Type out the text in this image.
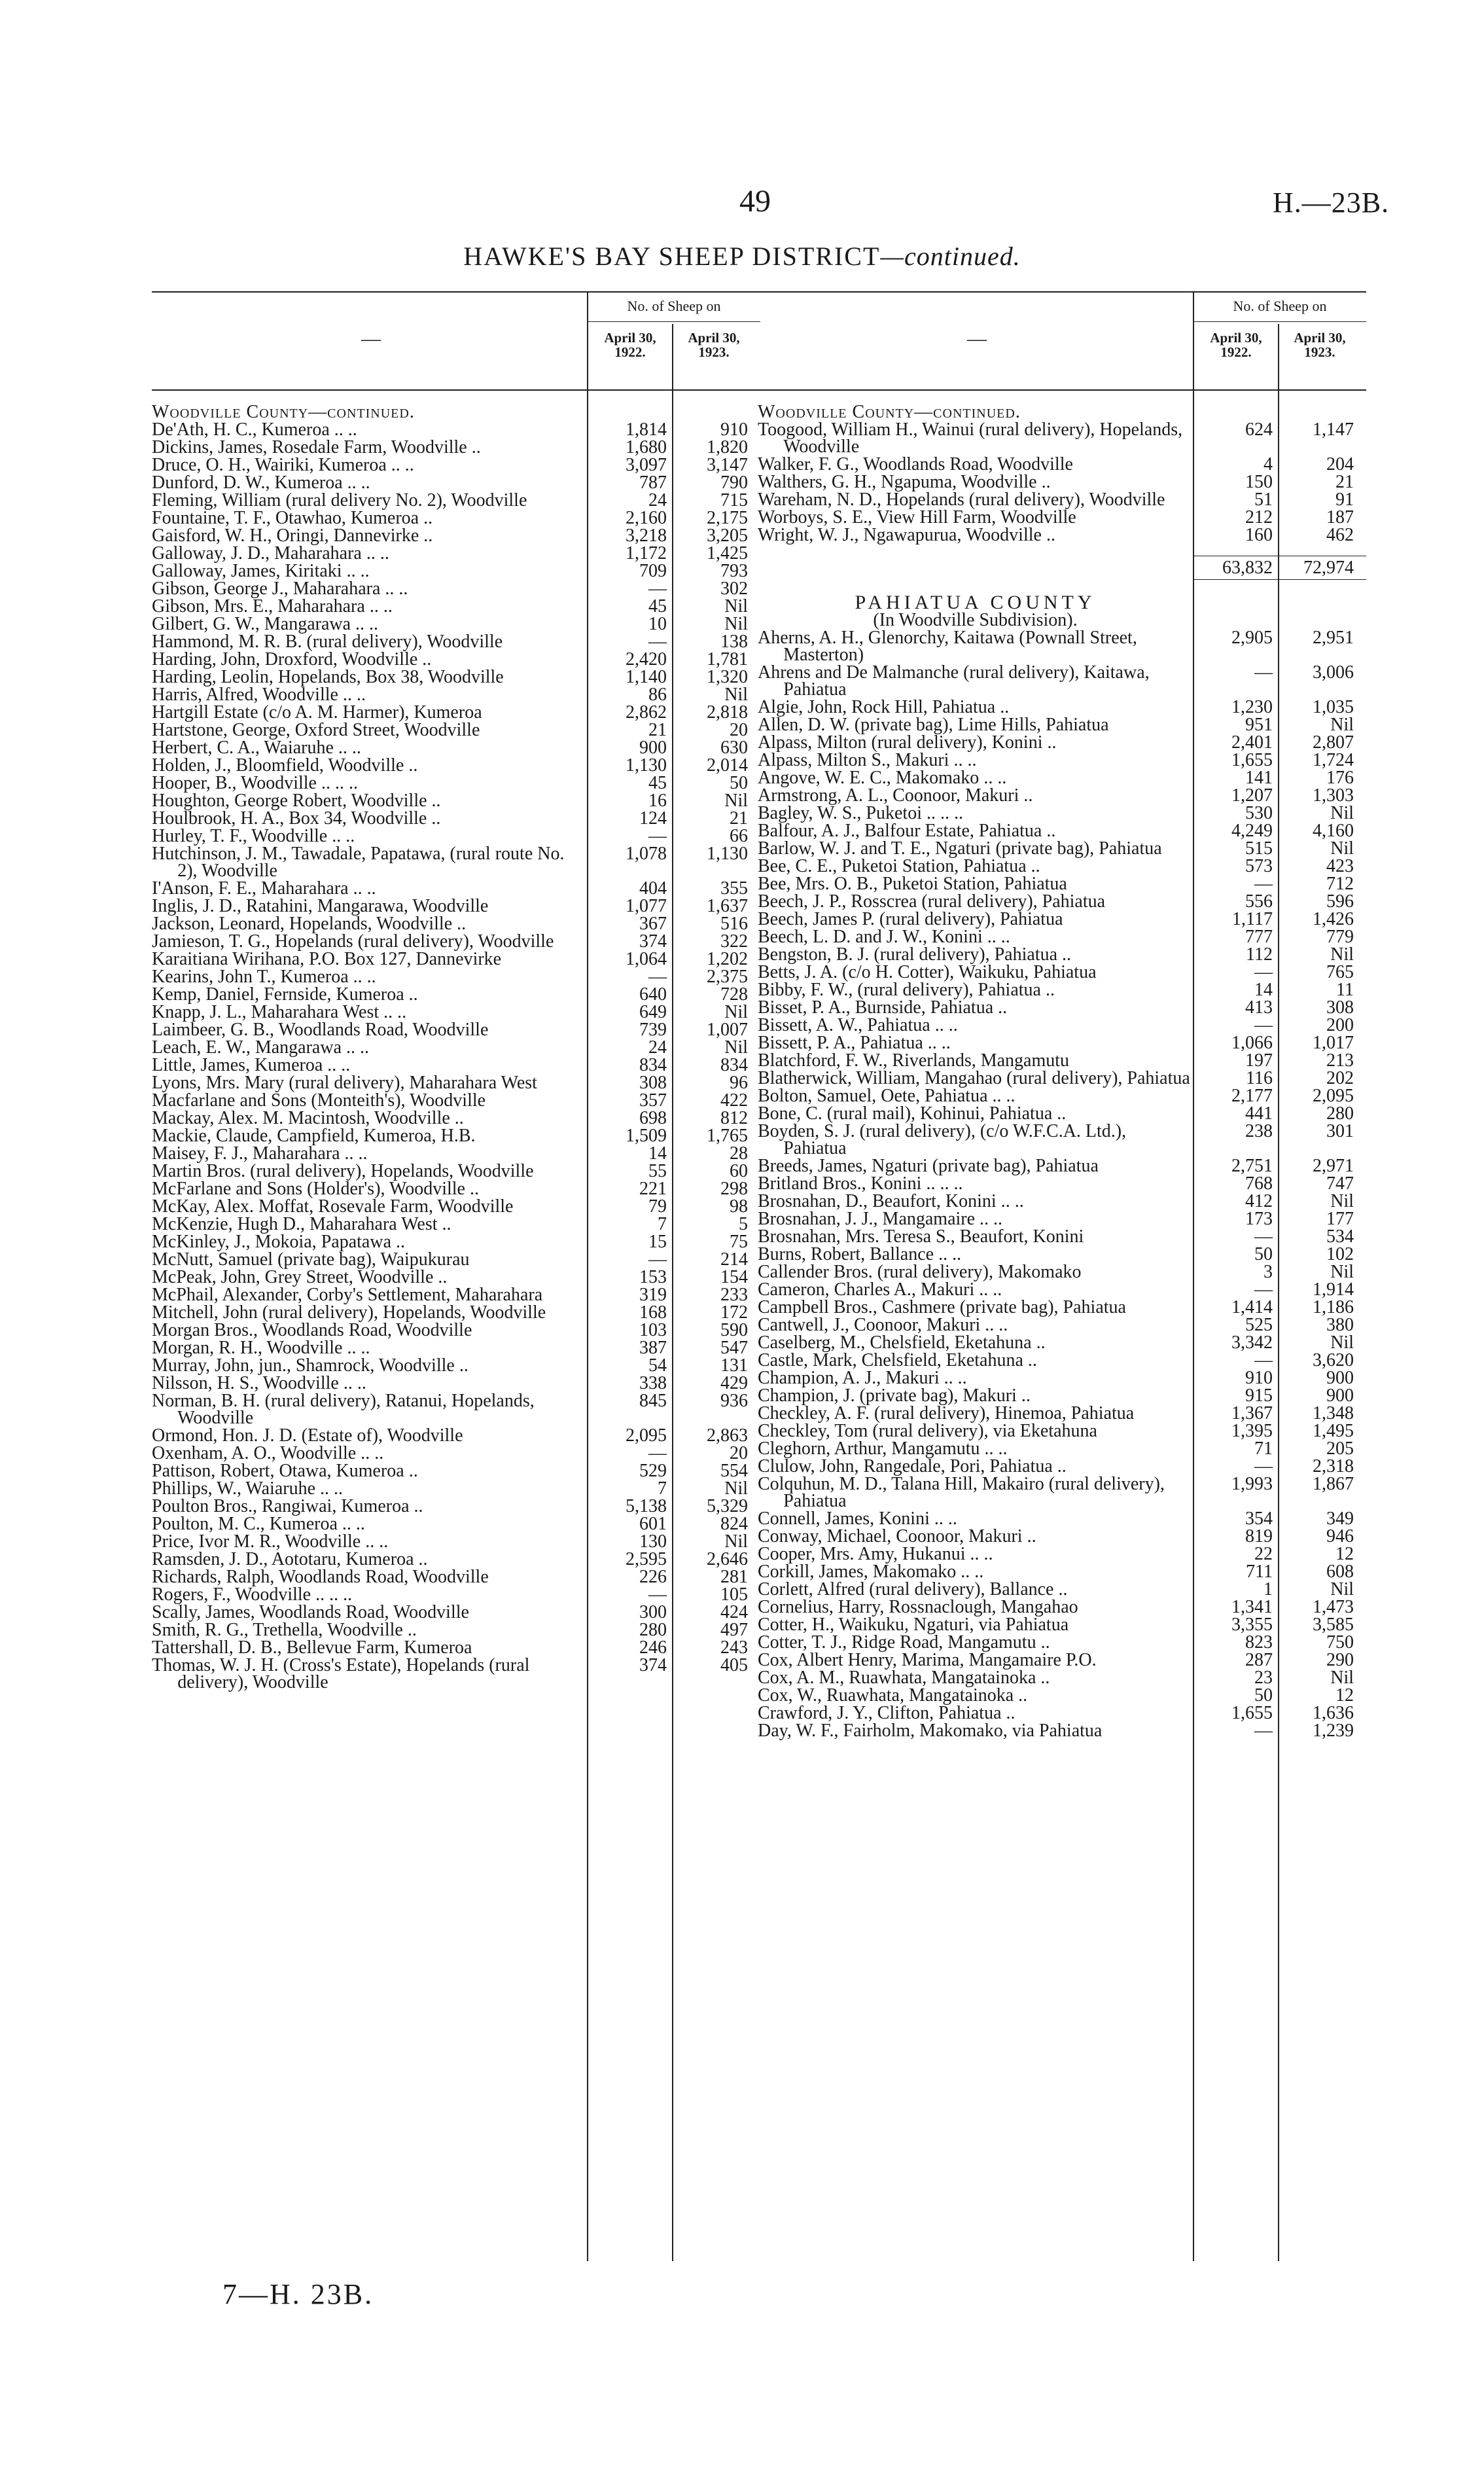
49	H.—23B.
HAWKE'S BAY SHEEP DISTRICT—continued.
—
No. of Sheep on
April 30, 1922.
April 30, 1923.
Woodville County—continued.
De'Ath, H. C., Kumeroa .. ..	1,814	910
Dickins, James, Rosedale Farm, Woodville ..	1,680	1,820
Druce, O. H., Wairiki, Kumeroa .. ..	3,097	3,147
Dunford, D. W., Kumeroa .. ..	787	790
Fleming, William (rural delivery No. 2), Woodville	24	715
Fountaine, T. F., Otawhao, Kumeroa ..	2,160	2,175
Gaisford, W. H., Oringi, Dannevirke ..	3,218	3,205
Galloway, J. D., Maharahara .. ..	1,172	1,425
Galloway, James, Kiritaki .. ..	709	793
Gibson, George J., Maharahara .. ..	—	302
Gibson, Mrs. E., Maharahara .. ..	45	Nil
Gilbert, G. W., Mangarawa .. ..	10	Nil
Hammond, M. R. B. (rural delivery), Woodville	—	138
Harding, John, Droxford, Woodville ..	2,420	1,781
Harding, Leolin, Hopelands, Box 38, Woodville	1,140	1,320
Harris, Alfred, Woodville .. ..	86	Nil
Hartgill Estate (c/o A. M. Harmer), Kumeroa	2,862	2,818
Hartstone, George, Oxford Street, Woodville	21	20
Herbert, C. A., Waiaruhe .. ..	900	630
Holden, J., Bloomfield, Woodville ..	1,130	2,014
Hooper, B., Woodville .. .. ..	45	50
Houghton, George Robert, Woodville ..	16	Nil
Houlbrook, H. A., Box 34, Woodville ..	124	21
Hurley, T. F., Woodville .. ..	—	66
Hutchinson, J. M., Tawadale, Papatawa, (rural route No. 2), Woodville
1,078	1,130
I'Anson, F. E., Maharahara .. ..	404	355
Inglis, J. D., Ratahini, Mangarawa, Woodville	1,077	1,637
Jackson, Leonard, Hopelands, Woodville ..	367	516
Jamieson, T. G., Hopelands (rural delivery), Woodville	374	322
Karaitiana Wirihana, P.O. Box 127, Dannevirke	1,064	1,202
Kearins, John T., Kumeroa .. ..	—	2,375
Kemp, Daniel, Fernside, Kumeroa ..	640	728
Knapp, J. L., Maharahara West .. ..	649	Nil
Laimbeer, G. B., Woodlands Road, Woodville	739	1,007
Leach, E. W., Mangarawa .. ..	24	Nil
Little, James, Kumeroa .. ..	834	834
Lyons, Mrs. Mary (rural delivery), Maharahara West	308	96
Macfarlane and Sons (Monteith's), Woodville	357	422
Mackay, Alex. M. Macintosh, Woodville ..	698	812
Mackie, Claude, Campfield, Kumeroa, H.B.	1,509	1,765
Maisey, F. J., Maharahara .. ..	14	28
Martin Bros. (rural delivery), Hopelands, Woodville	55	60
McFarlane and Sons (Holder's), Woodville ..	221	298
McKay, Alex. Moffat, Rosevale Farm, Woodville	79	98
McKenzie, Hugh D., Maharahara West ..	7	5
McKinley, J., Mokoia, Papatawa ..	15	75
McNutt, Samuel (private bag), Waipukurau	—	214
McPeak, John, Grey Street, Woodville ..	153	154
McPhail, Alexander, Corby's Settlement, Maharahara	319	233
Mitchell, John (rural delivery), Hopelands, Woodville	168	172
Morgan Bros., Woodlands Road, Woodville	103	590
Morgan, R. H., Woodville .. ..	387	547
Murray, John, jun., Shamrock, Woodville ..	54	131
Nilsson, H. S., Woodville .. ..	338	429
Norman, B. H. (rural delivery), Ratanui, Hopelands, Woodville
845	936
Ormond, Hon. J. D. (Estate of), Woodville	2,095	2,863
Oxenham, A. O., Woodville .. ..	—	20
Pattison, Robert, Otawa, Kumeroa ..	529	554
Phillips, W., Waiaruhe .. ..	7	Nil
Poulton Bros., Rangiwai, Kumeroa ..	5,138	5,329
Poulton, M. C., Kumeroa .. ..	601	824
Price, Ivor M. R., Woodville .. ..	130	Nil
Ramsden, J. D., Aototaru, Kumeroa ..	2,595	2,646
Richards, Ralph, Woodlands Road, Woodville	226	281
Rogers, F., Woodville .. .. ..	—	105
Scally, James, Woodlands Road, Woodville	300	424
Smith, R. G., Trethella, Woodville ..	280	497
Tattershall, D. B., Bellevue Farm, Kumeroa	246	243
Thomas, W. J. H. (Cross's Estate), Hopelands (rural delivery), Woodville
374	405
—
No. of Sheep on
April 30, 1922.
April 30, 1923.
Woodville County—continued.
Toogood, William H., Wainui (rural delivery), Hopelands, Woodville
624	1,147
Walker, F. G., Woodlands Road, Woodville	4	204
Walthers, G. H., Ngapuma, Woodville ..	150	21
Wareham, N. D., Hopelands (rural delivery), Woodville	51	91
Worboys, S. E., View Hill Farm, Woodville	212	187
Wright, W. J., Ngawapurua, Woodville ..	160	462
63,832	72,974
PAHIATUA COUNTY
(In Woodville Subdivision).
Aherns, A. H., Glenorchy, Kaitawa (Pownall Street, Masterton)
2,905	2,951
Ahrens and De Malmanche (rural delivery), Kaitawa, Pahiatua
—	3,006
Algie, John, Rock Hill, Pahiatua ..	1,230	1,035
Allen, D. W. (private bag), Lime Hills, Pahiatua	951	Nil
Alpass, Milton (rural delivery), Konini ..	2,401	2,807
Alpass, Milton S., Makuri .. ..	1,655	1,724
Angove, W. E. C., Makomako .. ..	141	176
Armstrong, A. L., Coonoor, Makuri ..	1,207	1,303
Bagley, W. S., Puketoi .. .. ..	530	Nil
Balfour, A. J., Balfour Estate, Pahiatua ..	4,249	4,160
Barlow, W. J. and T. E., Ngaturi (private bag), Pahiatua	515	Nil
Bee, C. E., Puketoi Station, Pahiatua ..	573	423
Bee, Mrs. O. B., Puketoi Station, Pahiatua	—	712
Beech, J. P., Rosscrea (rural delivery), Pahiatua	556	596
Beech, James P. (rural delivery), Pahiatua	1,117	1,426
Beech, L. D. and J. W., Konini .. ..	777	779
Bengston, B. J. (rural delivery), Pahiatua ..	112	Nil
Betts, J. A. (c/o H. Cotter), Waikuku, Pahiatua	—	765
Bibby, F. W., (rural delivery), Pahiatua ..	14	11
Bisset, P. A., Burnside, Pahiatua ..	413	308
Bissett, A. W., Pahiatua .. ..	—	200
Bissett, P. A., Pahiatua .. ..	1,066	1,017
Blatchford, F. W., Riverlands, Mangamutu	197	213
Blatherwick, William, Mangahao (rural delivery), Pahiatua	116	202
Bolton, Samuel, Oete, Pahiatua .. ..	2,177	2,095
Bone, C. (rural mail), Kohinui, Pahiatua ..	441	280
Boyden, S. J. (rural delivery), (c/o W.F.C.A. Ltd.), Pahiatua
238	301
Breeds, James, Ngaturi (private bag), Pahiatua	2,751	2,971
Britland Bros., Konini .. .. ..	768	747
Brosnahan, D., Beaufort, Konini .. ..	412	Nil
Brosnahan, J. J., Mangamaire .. ..	173	177
Brosnahan, Mrs. Teresa S., Beaufort, Konini	—	534
Burns, Robert, Ballance .. ..	50	102
Callender Bros. (rural delivery), Makomako	3	Nil
Cameron, Charles A., Makuri .. ..	—	1,914
Campbell Bros., Cashmere (private bag), Pahiatua	1,414	1,186
Cantwell, J., Coonoor, Makuri .. ..	525	380
Caselberg, M., Chelsfield, Eketahuna ..	3,342	Nil
Castle, Mark, Chelsfield, Eketahuna ..	—	3,620
Champion, A. J., Makuri .. ..	910	900
Champion, J. (private bag), Makuri ..	915	900
Checkley, A. F. (rural delivery), Hinemoa, Pahiatua	1,367	1,348
Checkley, Tom (rural delivery), via Eketahuna	1,395	1,495
Cleghorn, Arthur, Mangamutu .. ..	71	205
Clulow, John, Rangedale, Pori, Pahiatua ..	—	2,318
Colquhun, M. D., Talana Hill, Makairo (rural delivery), Pahiatua
1,993	1,867
Connell, James, Konini .. ..	354	349
Conway, Michael, Coonoor, Makuri ..	819	946
Cooper, Mrs. Amy, Hukanui .. ..	22	12
Corkill, James, Makomako .. ..	711	608
Corlett, Alfred (rural delivery), Ballance ..	1	Nil
Cornelius, Harry, Rossnaclough, Mangahao	1,341	1,473
Cotter, H., Waikuku, Ngaturi, via Pahiatua	3,355	3,585
Cotter, T. J., Ridge Road, Mangamutu ..	823	750
Cox, Albert Henry, Marima, Mangamaire P.O.	287	290
Cox, A. M., Ruawhata, Mangatainoka ..	23	Nil
Cox, W., Ruawhata, Mangatainoka ..	50	12
Crawford, J. Y., Clifton, Pahiatua ..	1,655	1,636
Day, W. F., Fairholm, Makomako, via Pahiatua	—	1,239
7—H. 23B.
